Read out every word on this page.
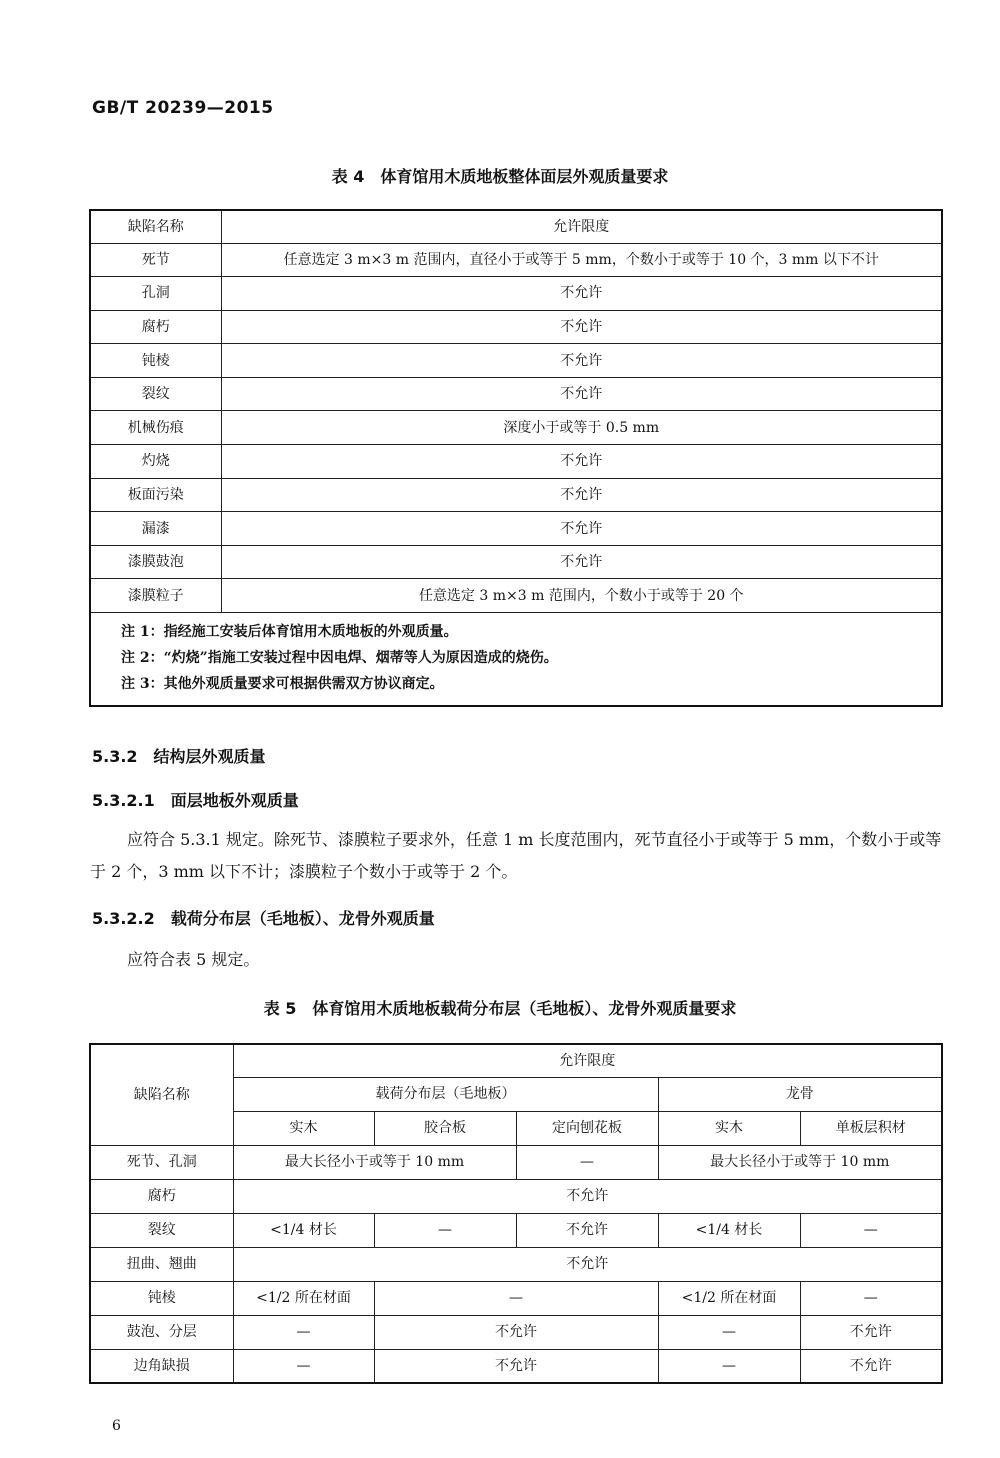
GB/T 20239—2015
表 4　体育馆用木质地板整体面层外观质量要求
缺陷名称	允许限度
死节	任意选定 3 m×3 m 范围内，直径小于或等于 5 mm，个数小于或等于 10 个，3 mm 以下不计
孔洞	不允许
腐朽	不允许
钝棱	不允许
裂纹	不允许
机械伤痕	深度小于或等于 0.5 mm
灼烧	不允许
板面污染	不允许
漏漆	不允许
漆膜鼓泡	不允许
漆膜粒子	任意选定 3 m×3 m 范围内，个数小于或等于 20 个

注 1：指经施工安装后体育馆用木质地板的外观质量。
注 2：“灼烧”指施工安装过程中因电焊、烟蒂等人为原因造成的烧伤。
注 3：其他外观质量要求可根据供需双方协议商定。	
5.3.2　结构层外观质量
5.3.2.1　面层地板外观质量
应符合 5.3.1 规定。除死节、漆膜粒子要求外，任意 1 m 长度范围内，死节直径小于或等于 5 mm，个数小于或等于 2 个，3 mm 以下不计；漆膜粒子个数小于或等于 2 个。
5.3.2.2　载荷分布层（毛地板）、龙骨外观质量
应符合表 5 规定。
表 5　体育馆用木质地板载荷分布层（毛地板）、龙骨外观质量要求
缺陷名称	允许限度				
	载荷分布层（毛地板）			龙骨	
	实木	胶合板	定向刨花板	实木	单板层积材
死节、孔洞	最大长径小于或等于 10 mm		—	最大长径小于或等于 10 mm	
腐朽	不允许				
裂纹	<1/4 材长	—	不允许	<1/4 材长	—
扭曲、翘曲	不允许				
钝棱	<1/2 所在材面	—		<1/2 所在材面	—
鼓泡、分层	—	不允许		—	不允许
边角缺损	—	不允许		—	不允许
6
